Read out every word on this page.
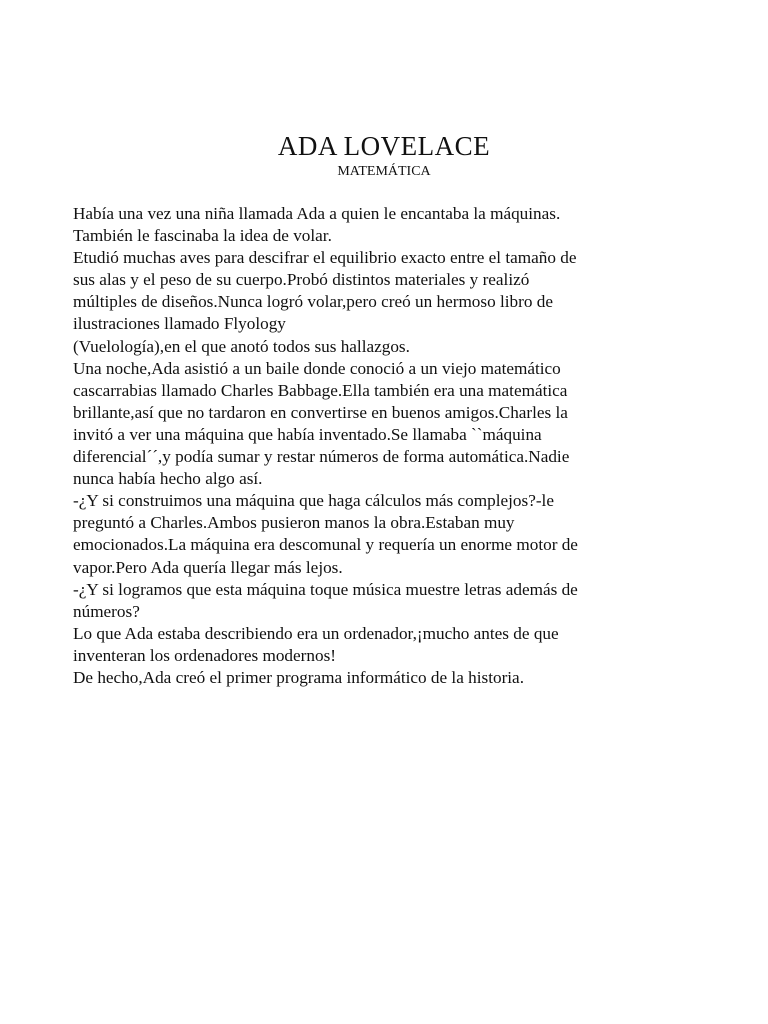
ADA LOVELACE
MATEMÁTICA
Había una vez una niña llamada Ada a quien le encantaba la máquinas.
También le fascinaba la idea de volar.
Etudió muchas aves para descifrar el equilibrio exacto entre el tamaño de
sus alas y el peso de su cuerpo.Probó distintos materiales y realizó
múltiples de diseños.Nunca logró volar,pero creó un hermoso libro de
ilustraciones llamado Flyology
(Vuelología),en el que anotó todos sus hallazgos.
Una noche,Ada asistió a un baile donde conoció a un viejo matemático
cascarrabias llamado Charles Babbage.Ella también era una matemática
brillante,así que no tardaron en convertirse en buenos amigos.Charles la
invitó a ver una máquina que había inventado.Se llamaba ``máquina
diferencial´´,y podía sumar y restar números de forma automática.Nadie
nunca había hecho algo así.
-¿Y si construimos una máquina que haga cálculos más complejos?-le
preguntó a Charles.Ambos pusieron manos la obra.Estaban muy
emocionados.La máquina era descomunal y requería un enorme motor de
vapor.Pero Ada quería llegar más lejos.
-¿Y si logramos que esta máquina toque música muestre letras además de
números?
Lo que Ada estaba describiendo era un ordenador,¡mucho antes de que
inventeran los ordenadores modernos!
De hecho,Ada creó el primer programa informático de la historia.
